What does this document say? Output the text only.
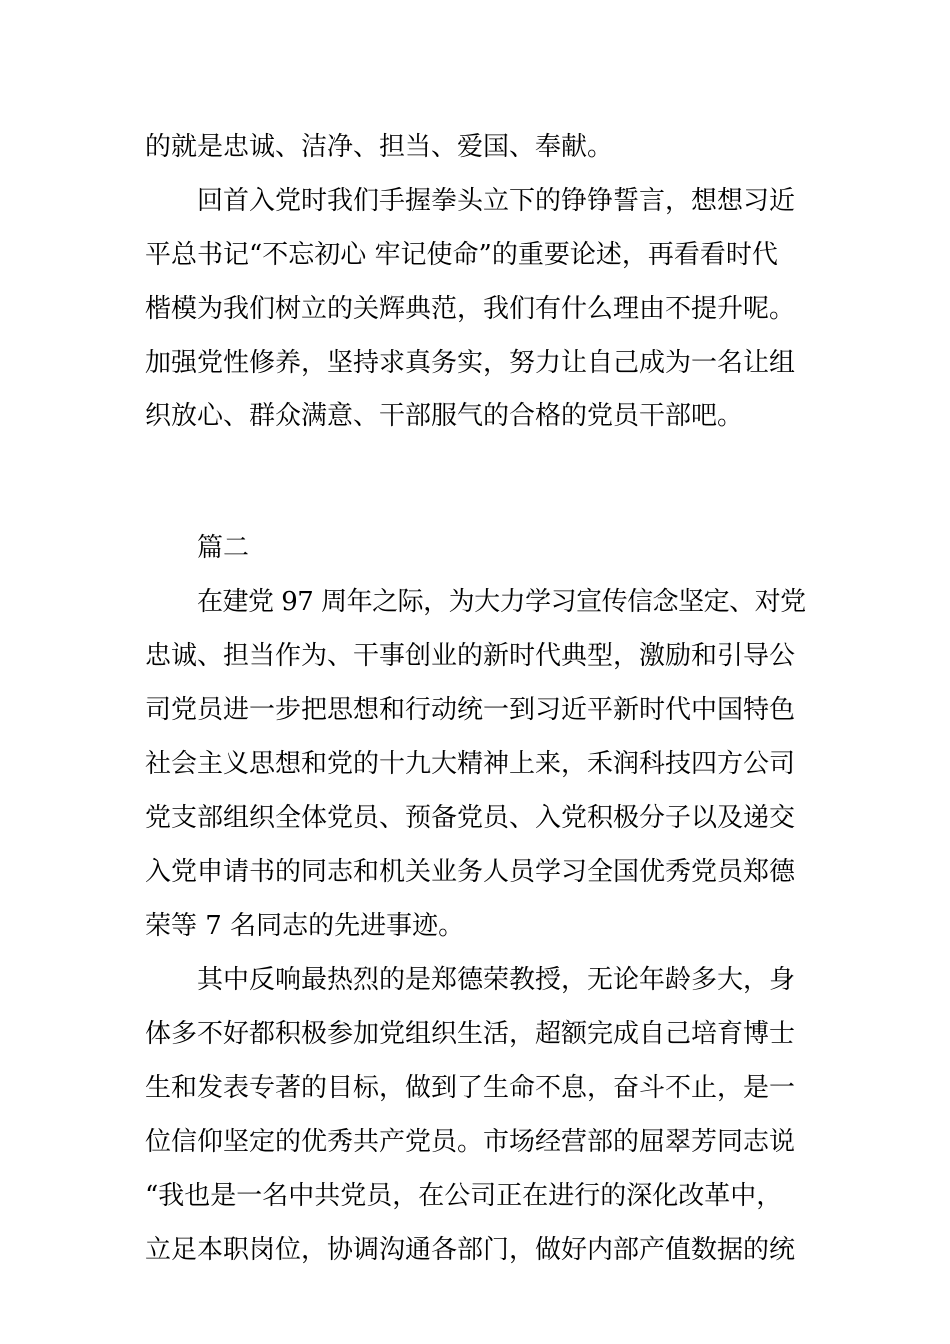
的就是忠诚、洁净、担当、爱国、奉献。
回首入党时我们手握拳头立下的铮铮誓言，想想习近
平总书记“不忘初心 牢记使命”的重要论述，再看看时代
楷模为我们树立的关辉典范，我们有什么理由不提升呢。
加强党性修养，坚持求真务实，努力让自己成为一名让组
织放心、群众满意、干部服气的合格的党员干部吧。
篇二
在建党 97 周年之际，为大力学习宣传信念坚定、对党
忠诚、担当作为、干事创业的新时代典型，激励和引导公
司党员进一步把思想和行动统一到习近平新时代中国特色
社会主义思想和党的十九大精神上来，禾润科技四方公司
党支部组织全体党员、预备党员、入党积极分子以及递交
入党申请书的同志和机关业务人员学习全国优秀党员郑德
荣等 7 名同志的先进事迹。
其中反响最热烈的是郑德荣教授，无论年龄多大，身
体多不好都积极参加党组织生活，超额完成自己培育博士
生和发表专著的目标，做到了生命不息，奋斗不止，是一
位信仰坚定的优秀共产党员。市场经营部的屈翠芳同志说
“我也是一名中共党员，在公司正在进行的深化改革中，
立足本职岗位，协调沟通各部门，做好内部产值数据的统
